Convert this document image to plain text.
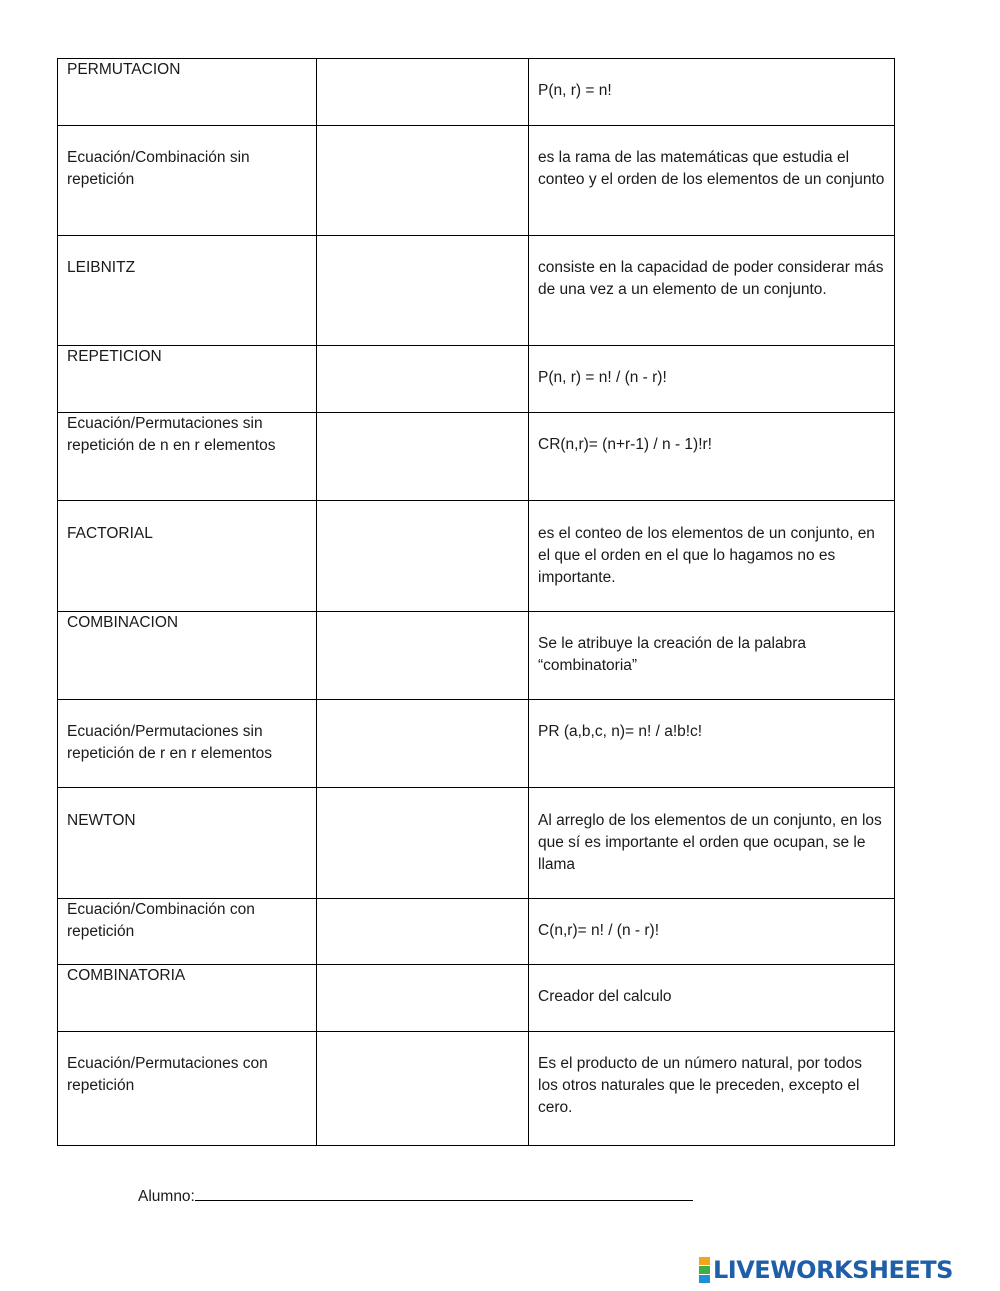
PERMUTACION		P(n, r) = n!

Ecuación/Combinación sin repetición		es la rama de las matemáticas que estudia el conteo y el orden de los elementos de un conjunto

LEIBNITZ		consiste en la capacidad de poder considerar más de una vez a un elemento de un conjunto.

REPETICION		P(n, r) = n! / (n - r)!

Ecuación/Permutaciones sin repetición de n en r elementos		CR(n,r)= (n+r-1) / n - 1)!r!

FACTORIAL		es el conteo de los elementos de un conjunto, en el que el orden en el que lo hagamos no es importante.

COMBINACION		Se le atribuye la creación de la palabra “combinatoria”

Ecuación/Permutaciones sin repetición de r en r elementos		PR (a,b,c, n)= n! / a!b!c!

NEWTON		Al arreglo de los elementos de un conjunto, en los que sí es importante el orden que ocupan, se le llama

Ecuación/Combinación con repetición		C(n,r)= n! / (n - r)!

COMBINATORIA		Creador del calculo

Ecuación/Permutaciones con repetición		Es el producto de un número natural, por todos los otros naturales que le preceden, excepto el cero.
Alumno:
LIVEWORKSHEETS
